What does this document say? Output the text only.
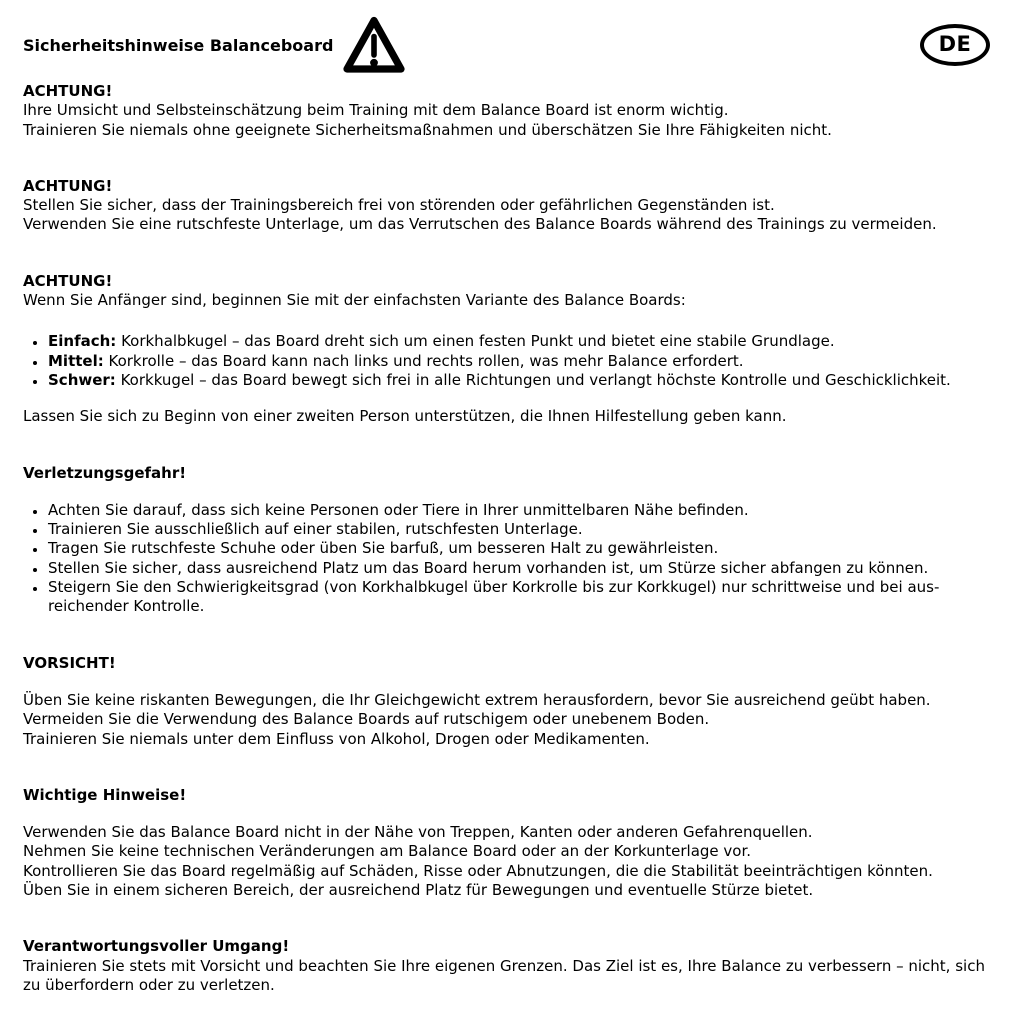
Sicherheitshinweise Balanceboard	DE
ACHTUNG!

Ihre Umsicht und Selbsteinschätzung beim Training mit dem Balance Board ist enorm wichtig.

Trainieren Sie niemals ohne geeignete Sicherheitsmaßnahmen und überschätzen Sie Ihre Fähigkeiten nicht.

ACHTUNG!

Stellen Sie sicher, dass der Trainingsbereich frei von störenden oder gefährlichen Gegenständen ist.

Verwenden Sie eine rutschfeste Unterlage, um das Verrutschen des Balance Boards während des Trainings zu vermeiden.

ACHTUNG!

Wenn Sie Anfänger sind, beginnen Sie mit der einfachsten Variante des Balance Boards:

• Einfach: Korkhalbkugel – das Board dreht sich um einen festen Punkt und bietet eine stabile Grundlage.
• Mittel: Korkrolle – das Board kann nach links und rechts rollen, was mehr Balance erfordert.
• Schwer: Korkkugel – das Board bewegt sich frei in alle Richtungen und verlangt höchste Kontrolle und Geschicklichkeit.

Lassen Sie sich zu Beginn von einer zweiten Person unterstützen, die Ihnen Hilfestellung geben kann.

Verletzungsgefahr!
• Achten Sie darauf, dass sich keine Personen oder Tiere in Ihrer unmittelbaren Nähe befinden.
• Trainieren Sie ausschließlich auf einer stabilen, rutschfesten Unterlage.
• Tragen Sie rutschfeste Schuhe oder üben Sie barfuß, um besseren Halt zu gewährleisten.
• Stellen Sie sicher, dass ausreichend Platz um das Board herum vorhanden ist, um Stürze sicher abfangen zu können.
• Steigern Sie den Schwierigkeitsgrad (von Korkhalbkugel über Korkrolle bis zur Korkkugel) nur schrittweise und bei ausreichender Kontrolle.
VORSICHT!

Üben Sie keine riskanten Bewegungen, die Ihr Gleichgewicht extrem herausfordern, bevor Sie ausreichend geübt haben.

Vermeiden Sie die Verwendung des Balance Boards auf rutschigem oder unebenem Boden.

Trainieren Sie niemals unter dem Einfluss von Alkohol, Drogen oder Medikamenten.

Wichtige Hinweise!

Verwenden Sie das Balance Board nicht in der Nähe von Treppen, Kanten oder anderen Gefahrenquellen.

Nehmen Sie keine technischen Veränderungen am Balance Board oder an der Korkunterlage vor.

Kontrollieren Sie das Board regelmäßig auf Schäden, Risse oder Abnutzungen, die die Stabilität beeinträchtigen könnten.

Üben Sie in einem sicheren Bereich, der ausreichend Platz für Bewegungen und eventuelle Stürze bietet.

Verantwortungsvoller Umgang!

Trainieren Sie stets mit Vorsicht und beachten Sie Ihre eigenen Grenzen. Das Ziel ist es, Ihre Balance zu verbessern – nicht, sich zu überfordern oder zu verletzen.
